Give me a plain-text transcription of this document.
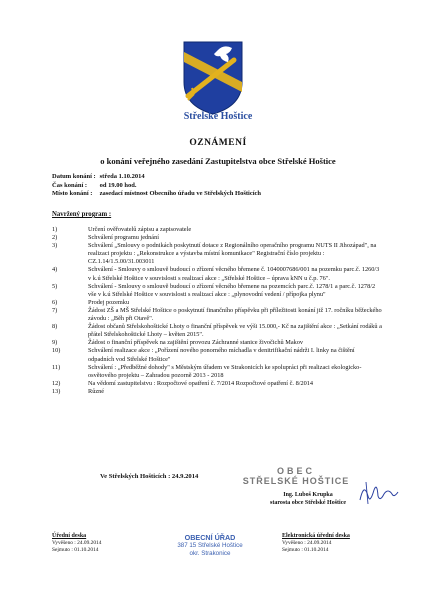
Střelské Hoštice
OZNÁMENÍ
o konání veřejného zasedání Zastupitelstva obce Střelské Hoštice
Datum konání : středa 1.10.2014
Čas konání : od 19.00 hod.
Místo konání : zasedací místnost Obecního úřadu ve Střelských Hošticích
Navržený program :
1)	Určení ověřovatelů zápisu a zapisovatele
2)	Schválení programu jednání
3)	Schválení „Smlouvy o podnikách poskytnutí dotace z Regionálního operačního programu NUTS II Jihozápad", na realizaci projektu : „Rekonstrukce a výstavba místní komunikace" Registrační číslo projektu : CZ.1.14/1.5.00/31.003011
4)	Schválení - Smlouvy o smlouvě budoucí o zřízení věcného břemene č. 1040007686/001 na pozemku parc.č. 1260/3 v k.ú Střelské Hoštice v souvislosti s realizací akce : „Střelské Hoštice – úprava kNN u č.p. 76".
5)	Schválení - Smlouvy o smlouvě budoucí o zřízení věcného břemene na pozemcích parc.č. 1278/1 a parc.č. 1278/2 vše v k.ú Střelské Hoštice v souvislosti s realizací akce : „plynovodní vedení / přípojka plynu"
6)	Prodej pozemku
7)	Žádost ZŠ a MŠ Střelské Hoštice o poskytnutí finančního příspěvku při příležitosti konání již 17. ročníku běžeckého závodu : „Běh při Otavě".
8)	Žádost občanů Střelskohoštické Lhoty o finanční příspěvek ve výši 15.000,- Kč na zajištění akce : „Setkání rodáků a přátel Střelskohoštické Lhoty – květen 2015".
9)	Žádost o finanční příspěvek na zajištění provozu Záchranné stanice živočichů Makov
10)	Schválení realizace akce : „Pořízení nového ponorného míchadla v denitrifikační nádrži I. linky na čištění odpadních vod Střelské Hoštice"
11)	Schválení : „Předběžné dohody" s Městským úřadem ve Strakonicích ke spolupráci při realizaci ekologicko-osvětového projektu – Zahradou pozorně 2013 - 2018
12)	Na vědomí zastupitelstvu : Rozpočtové opatření č. 7/2014 Rozpočtové opatření č. 8/2014
13)	Různé
Ve Střelských Hošticích : 24.9.2014
OBEC
STŘELSKÉ HOŠTICE
Ing. Luboš Krupka
starosta obce Střelské Hoštice
Úřední deska
Vyvěšeno : 24.09.2014
Sejmuto : 01.10.2014
OBECNÍ ÚŘAD
387 15 Střelské Hoštice
okr. Strakonice
Elektronická úřední deska
Vyvěšeno : 24.09.2014
Sejmuto : 01.10.2014
